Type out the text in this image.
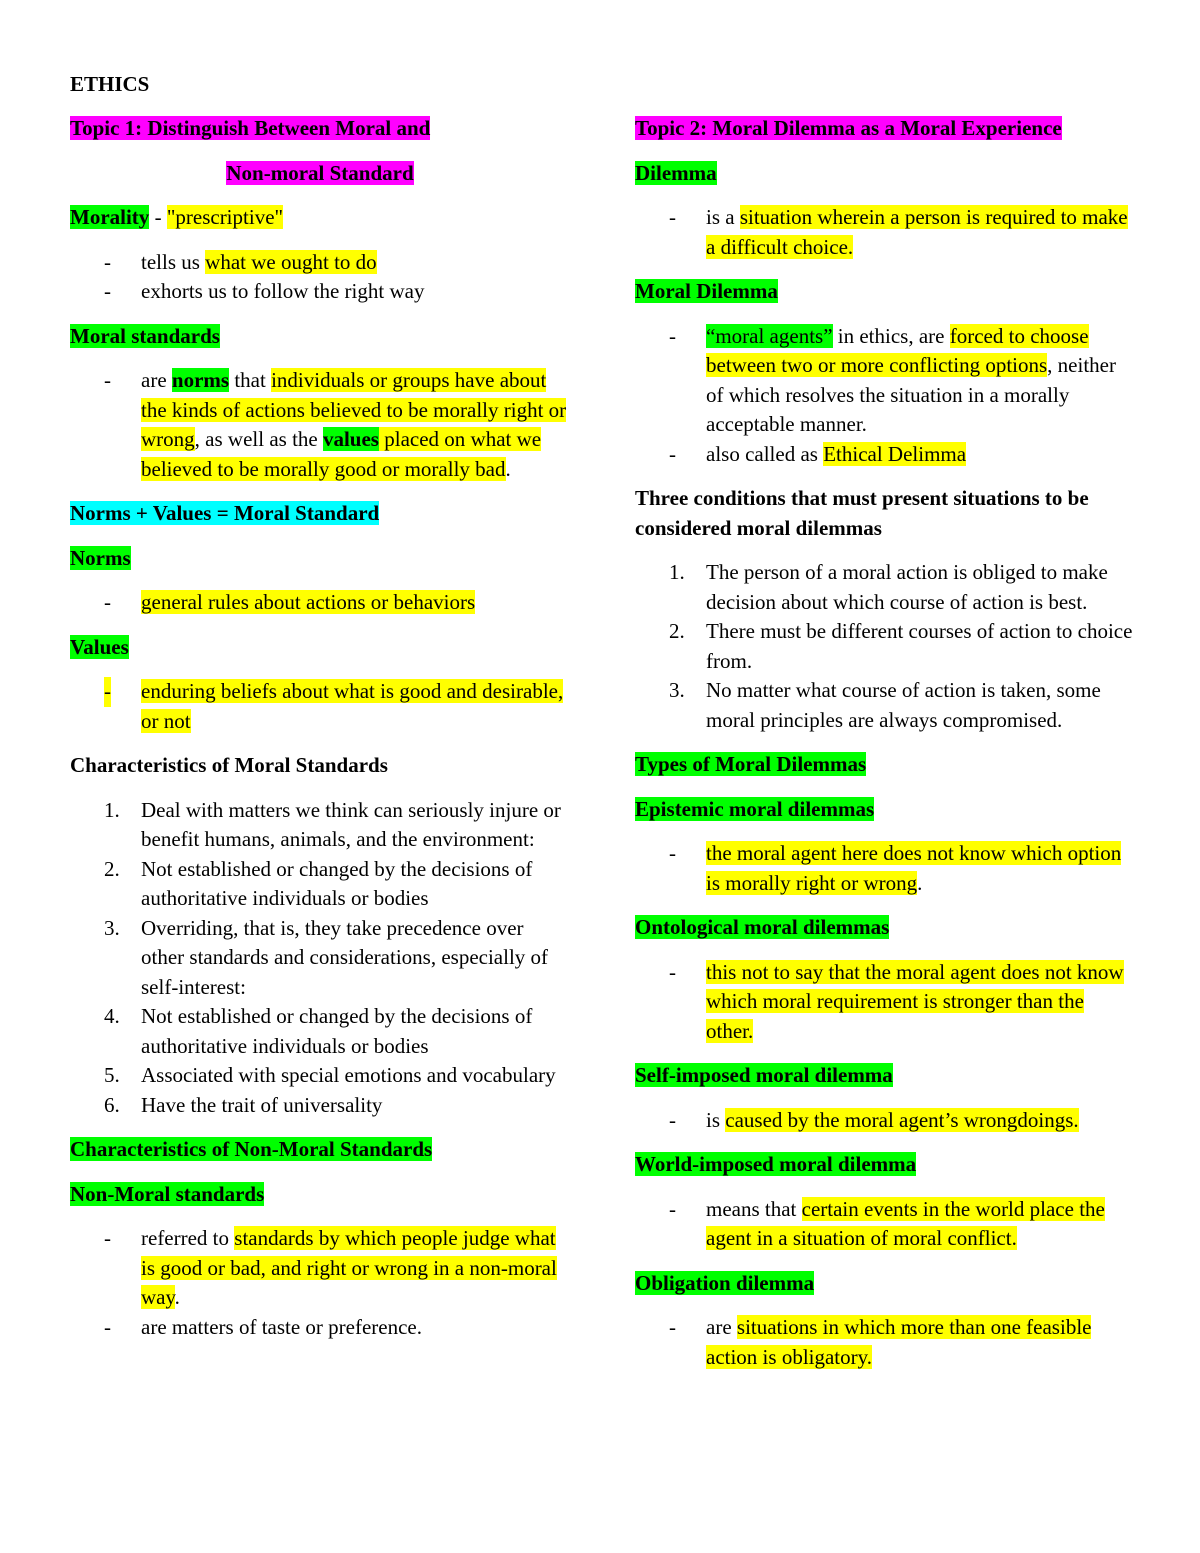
ETHICS

Topic 1: Distinguish Between Moral and

Non-moral Standard

Morality - "prescriptive"

- tells us what we ought to do
- exhorts us to follow the right way

Moral standards

- are norms that individuals or groups have about the kinds of actions believed to be morally right or wrong, as well as the values placed on what we believed to be morally good or morally bad.

Norms + Values = Moral Standard

Norms

- general rules about actions or behaviors

Values

- enduring beliefs about what is good and desirable, or not

Characteristics of Moral Standards

1. Deal with matters we think can seriously injure or benefit humans, animals, and the environment:
2. Not established or changed by the decisions of authoritative individuals or bodies
3. Overriding, that is, they take precedence over other standards and considerations, especially of self-interest:
4. Not established or changed by the decisions of authoritative individuals or bodies
5. Associated with special emotions and vocabulary
6. Have the trait of universality

Characteristics of Non-Moral Standards

Non-Moral standards

- referred to standards by which people judge what is good or bad, and right or wrong in a non-moral way.
- are matters of taste or preference.

Topic 2: Moral Dilemma as a Moral Experience

Dilemma

- is a situation wherein a person is required to make a difficult choice.

Moral Dilemma

- “moral agents” in ethics, are forced to choose between two or more conflicting options, neither of which resolves the situation in a morally acceptable manner.
- also called as Ethical Delimma

Three conditions that must present situations to be considered moral dilemmas

1. The person of a moral action is obliged to make decision about which course of action is best.
2. There must be different courses of action to choice from.
3. No matter what course of action is taken, some moral principles are always compromised.

Types of Moral Dilemmas

Epistemic moral dilemmas

- the moral agent here does not know which option is morally right or wrong.

Ontological moral dilemmas

- this not to say that the moral agent does not know which moral requirement is stronger than the other.

Self-imposed moral dilemma

- is caused by the moral agent’s wrongdoings.

World-imposed moral dilemma

- means that certain events in the world place the agent in a situation of moral conflict.

Obligation dilemma

- are situations in which more than one feasible action is obligatory.
